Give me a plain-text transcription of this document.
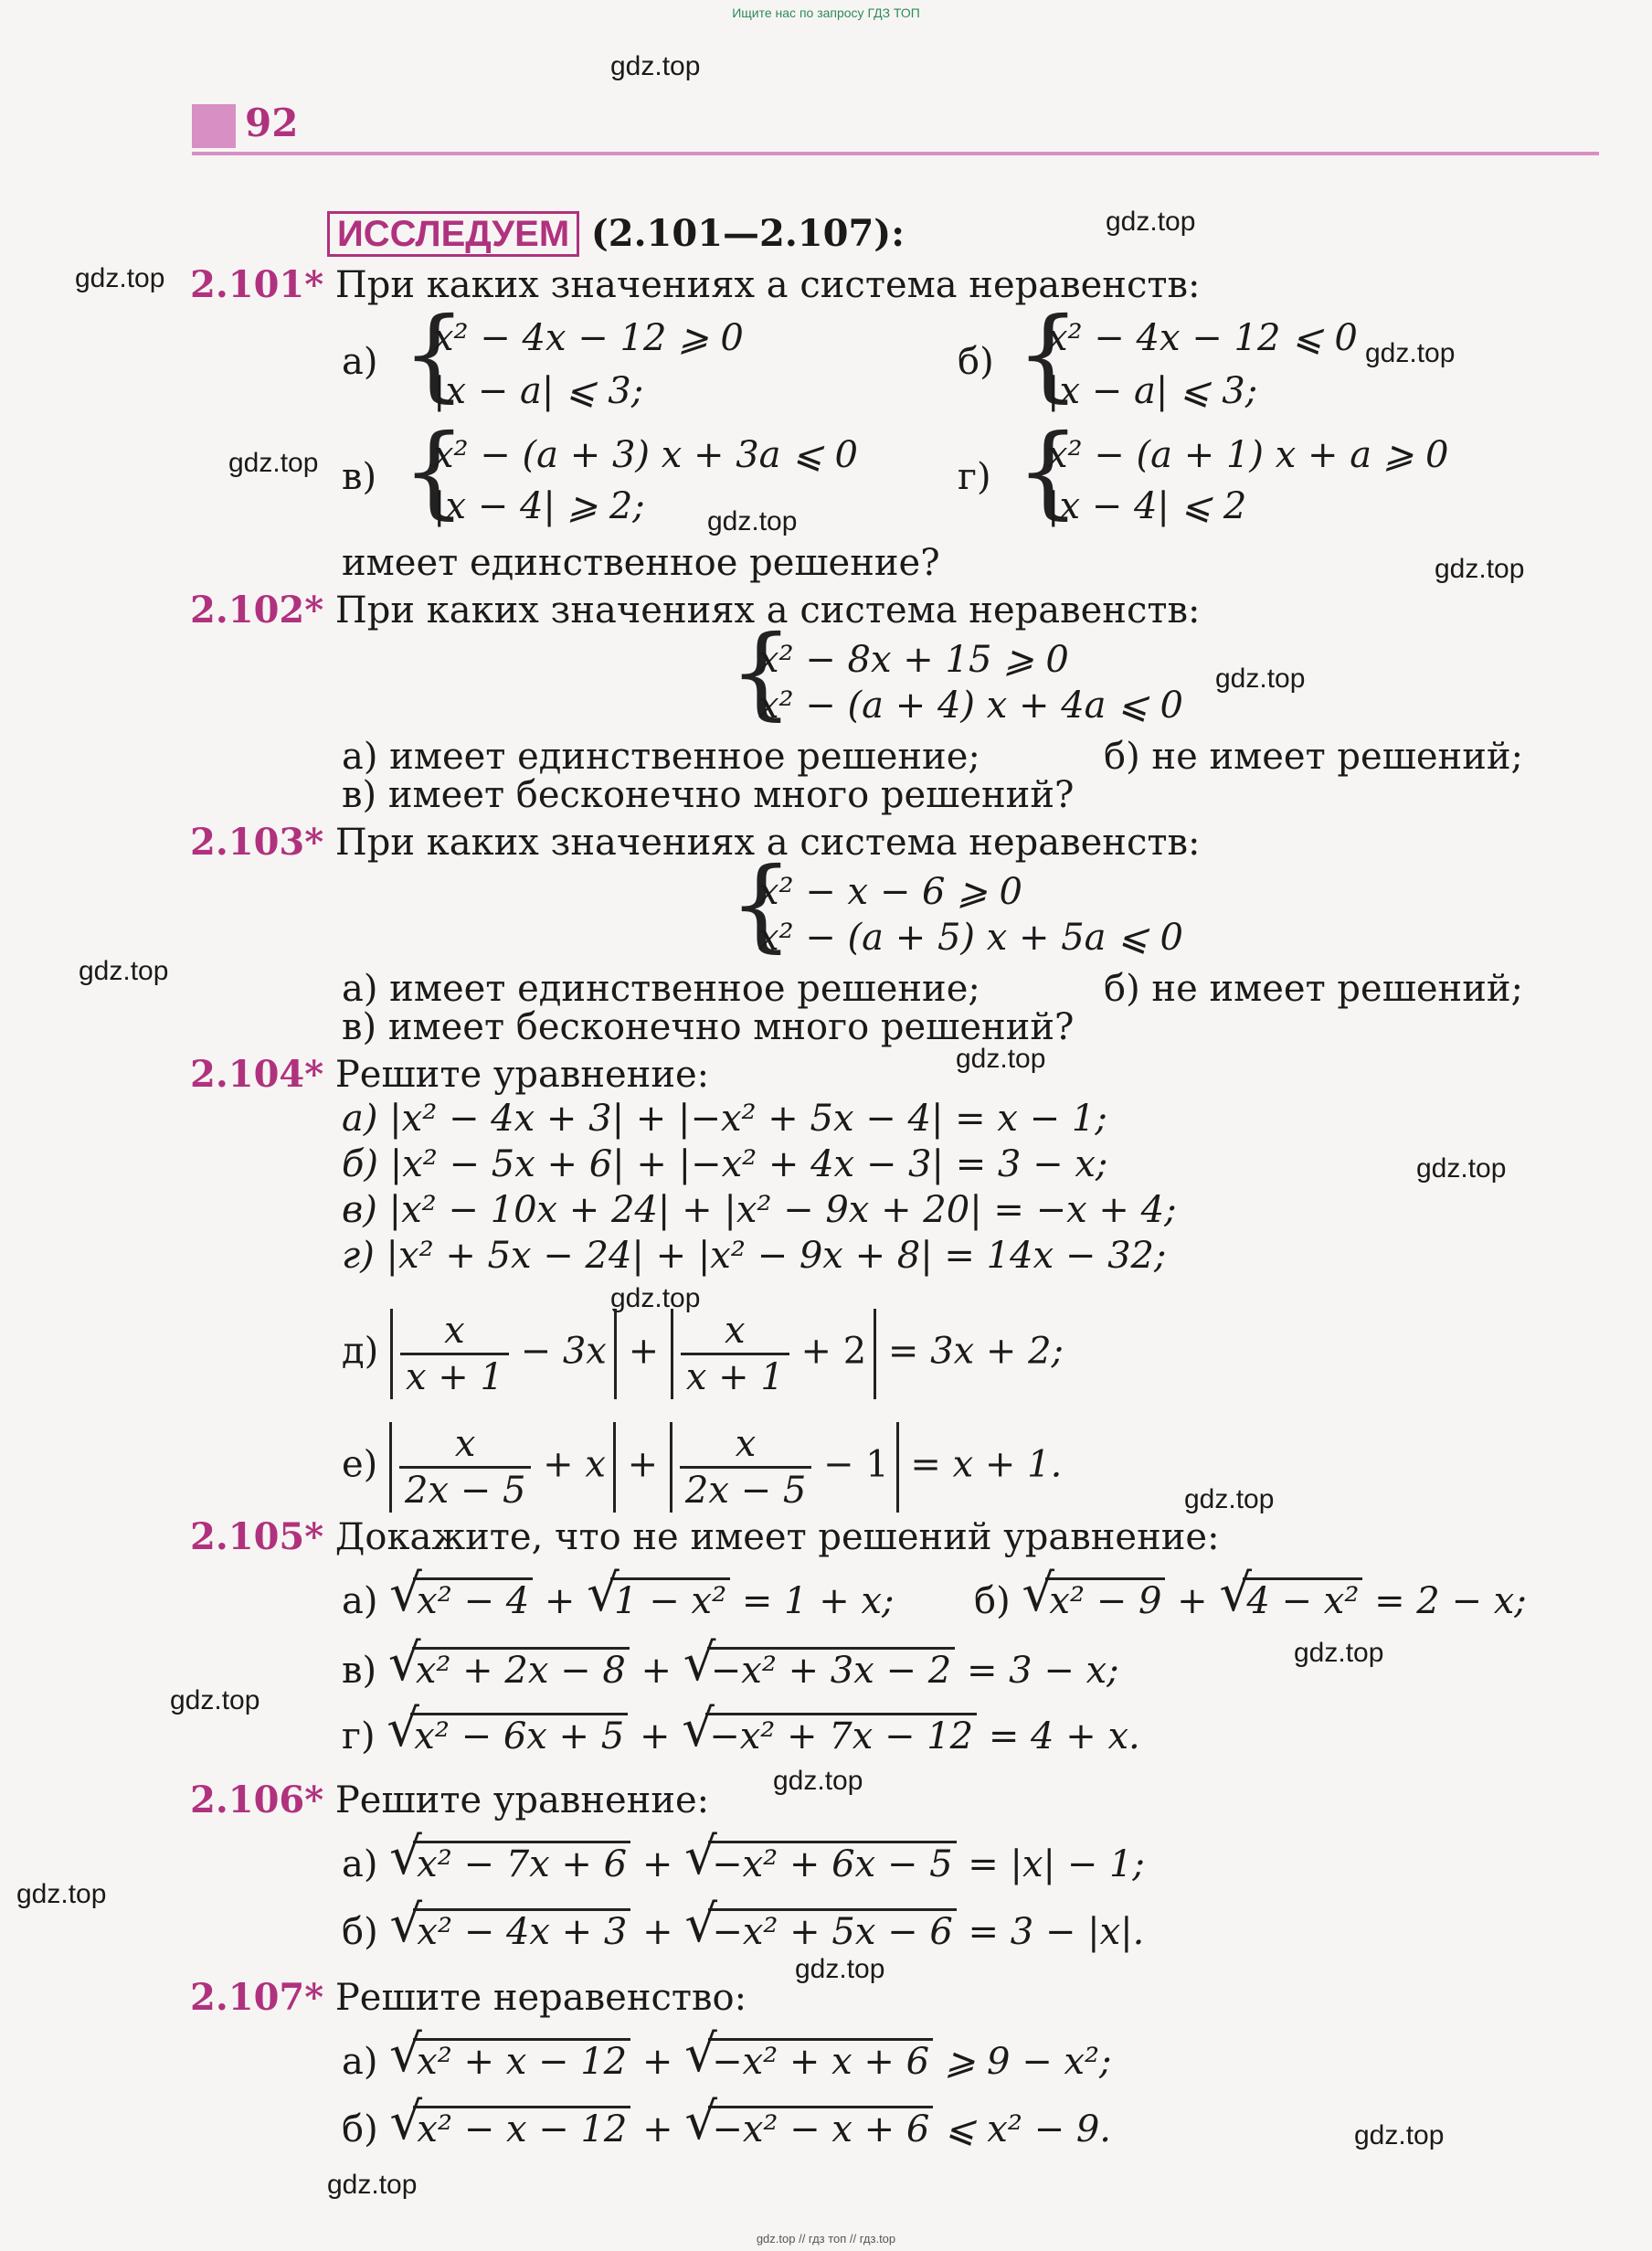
Ищите нас по запросу ГДЗ ТОП
92
gdz.top
gdz.top
gdz.top
gdz.top
gdz.top
gdz.top
gdz.top
gdz.top
gdz.top
gdz.top
gdz.top
gdz.top
gdz.top
gdz.top
gdz.top
gdz.top
gdz.top
gdz.top
gdz.top
gdz.top
ИССЛЕДУЕМ (2.101—2.107):
2.101* При каких значениях a система неравенств:
а) {
x² − 4x − 12 ⩾ 0
|x − a| ⩽ 3;
б) {
x² − 4x − 12 ⩽ 0
|x − a| ⩽ 3;
в) {
x² − (a + 3) x + 3a ⩽ 0
|x − 4| ⩾ 2;
г) {
x² − (a + 1) x + a ⩾ 0
|x − 4| ⩽ 2
имеет единственное решение?
2.102* При каких значениях a система неравенств:
{
x² − 8x + 15 ⩾ 0
x² − (a + 4) x + 4a ⩽ 0
а) имеет единственное решение;	б) не имеет решений;
в) имеет бесконечно много решений?
2.103* При каких значениях a система неравенств:
{
x² − x − 6 ⩾ 0
x² − (a + 5) x + 5a ⩽ 0
а) имеет единственное решение;	б) не имеет решений;
в) имеет бесконечно много решений?
2.104* Решите уравнение:
а) |x² − 4x + 3| + |−x² + 5x − 4| = x − 1;
б) |x² − 5x + 6| + |−x² + 4x − 3| = 3 − x;
в) |x² − 10x + 24| + |x² − 9x + 20| = −x + 4;
г) |x² + 5x − 24| + |x² − 9x + 8| = 14x − 32;
$д) \frac{x}{x + 1} - 3x + \frac{x}{x + 1} + 2 = 3x + 2$;
$е) \frac{x}{2x - 5} + x + \frac{x}{2x - 5} - 1 = x + 1$.
2.105* Докажите, что не имеет решений уравнение:
а) √ x² − 4 + √ 1 − x² = 1 + x; б) √ x² − 9 + √ 4 − x² = 2 − x;
в) √ x² + 2x − 8 + √ −x² + 3x − 2 = 3 − x;
г) √ x² − 6x + 5 + √ −x² + 7x − 12 = 4 + x.
2.106* Решите уравнение:
а) √ x² − 7x + 6 + √ −x² + 6x − 5 = |x| − 1;
б) √ x² − 4x + 3 + √ −x² + 5x − 6 = 3 − |x|.
2.107* Решите неравенство:
а) √ x² + x − 12 + √ −x² + x + 6 ⩾ 9 − x²;
б) √ x² − x − 12 + √ −x² − x + 6 ⩽ x² − 9.
gdz.top // гдз топ // гдз.top
